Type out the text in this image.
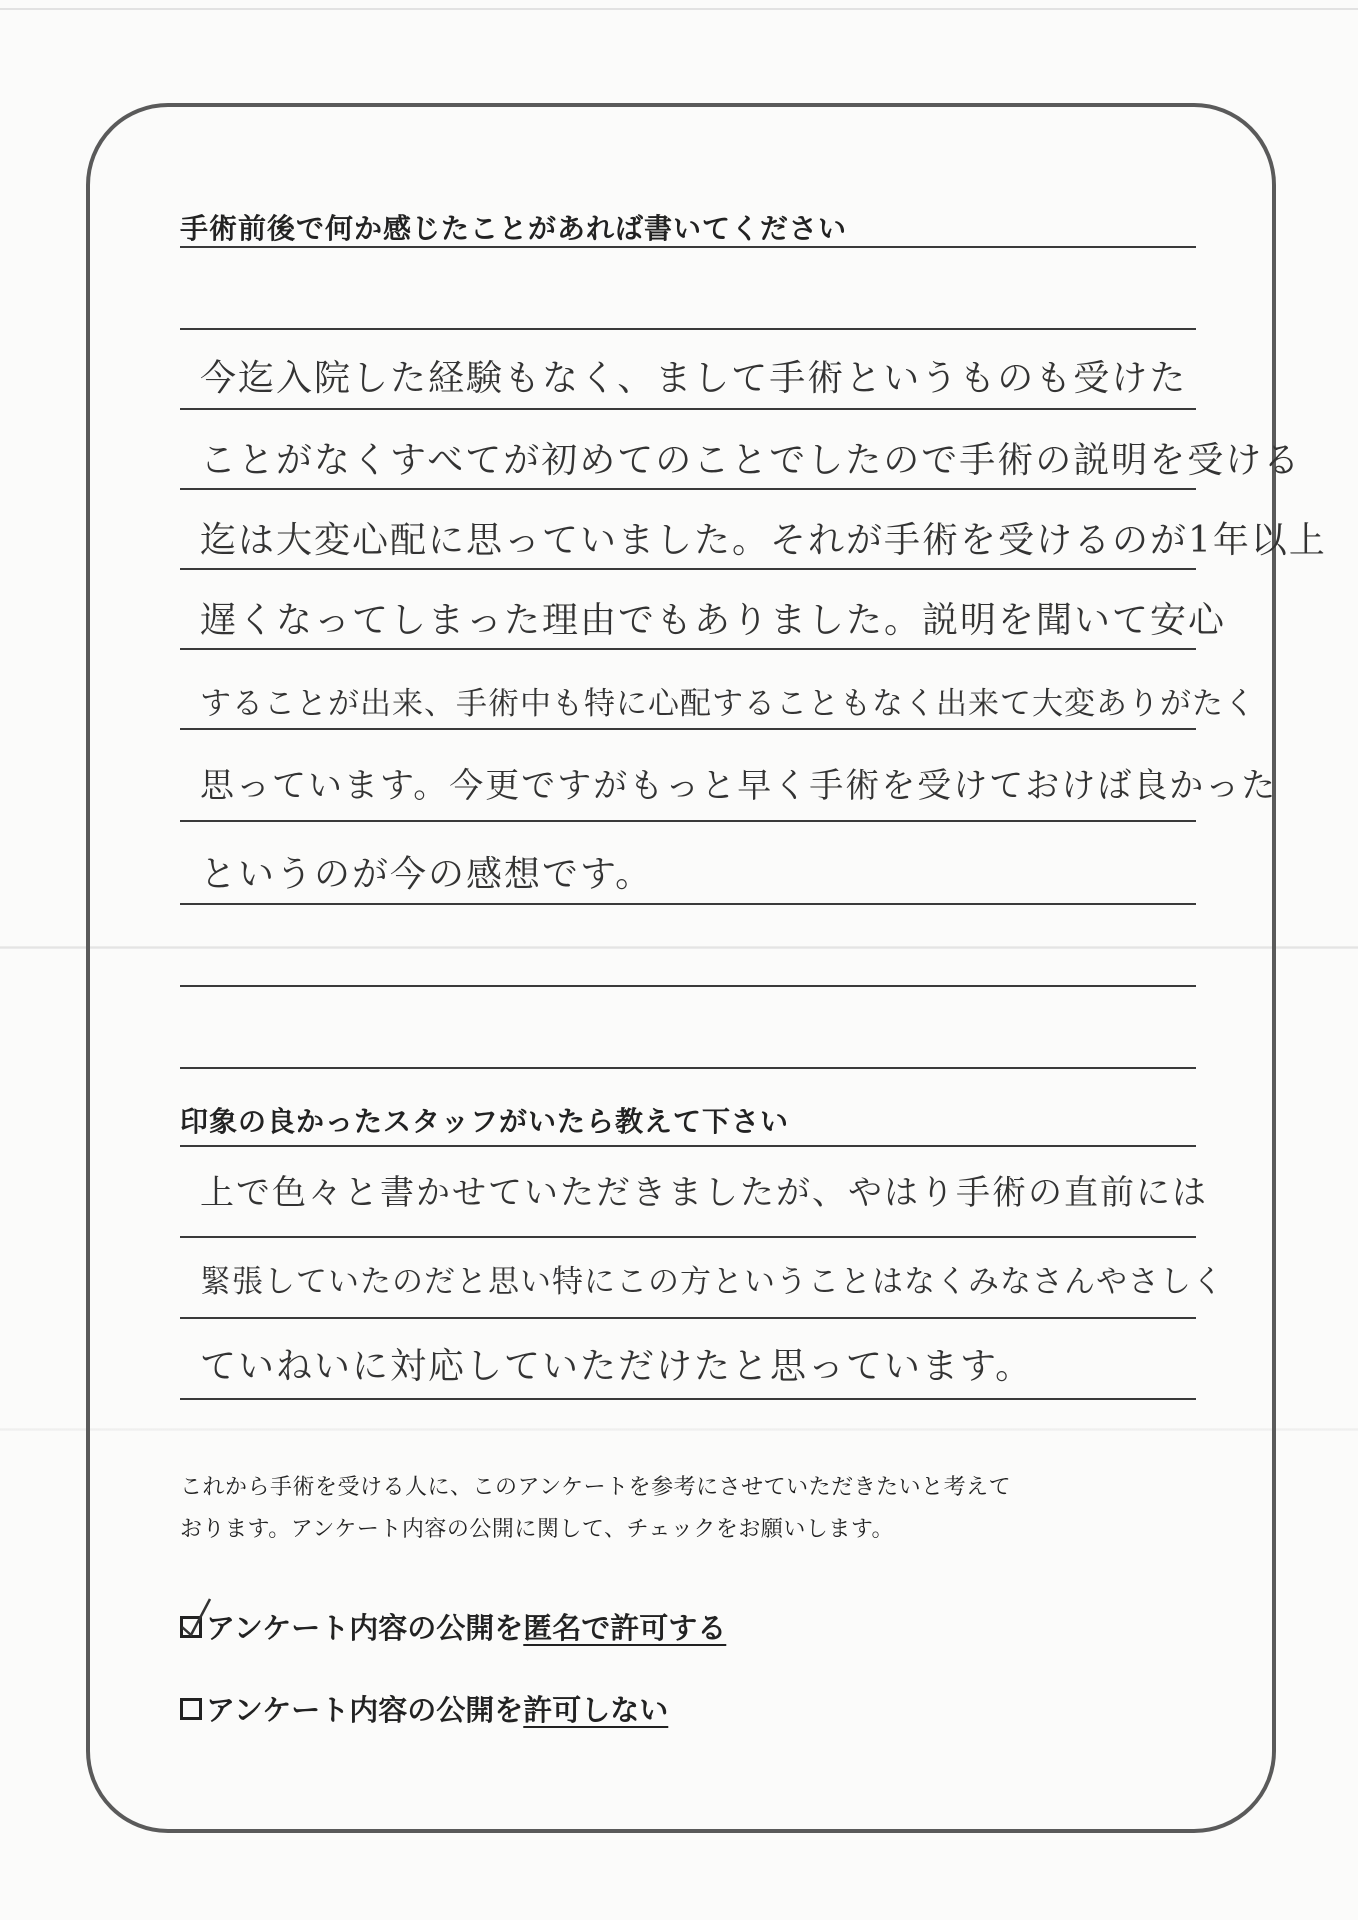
手術前後で何か感じたことがあれば書いてください
今迄入院した経験もなく、まして手術というものも受けた
ことがなくすべてが初めてのことでしたので手術の説明を受ける
迄は大変心配に思っていました。それが手術を受けるのが1年以上
遅くなってしまった理由でもありました。説明を聞いて安心
することが出来、手術中も特に心配することもなく出来て大変ありがたく
思っています。今更ですがもっと早く手術を受けておけば良かった
というのが今の感想です。
印象の良かったスタッフがいたら教えて下さい
上で色々と書かせていただきましたが、やはり手術の直前には
緊張していたのだと思い特にこの方ということはなくみなさんやさしく
ていねいに対応していただけたと思っています。
これから手術を受ける人に、このアンケートを参考にさせていただきたいと考えて
おります。アンケート内容の公開に関して、チェックをお願いします。
アンケート内容の公開を 匿名で許可する
アンケート内容の公開を 許可しない
